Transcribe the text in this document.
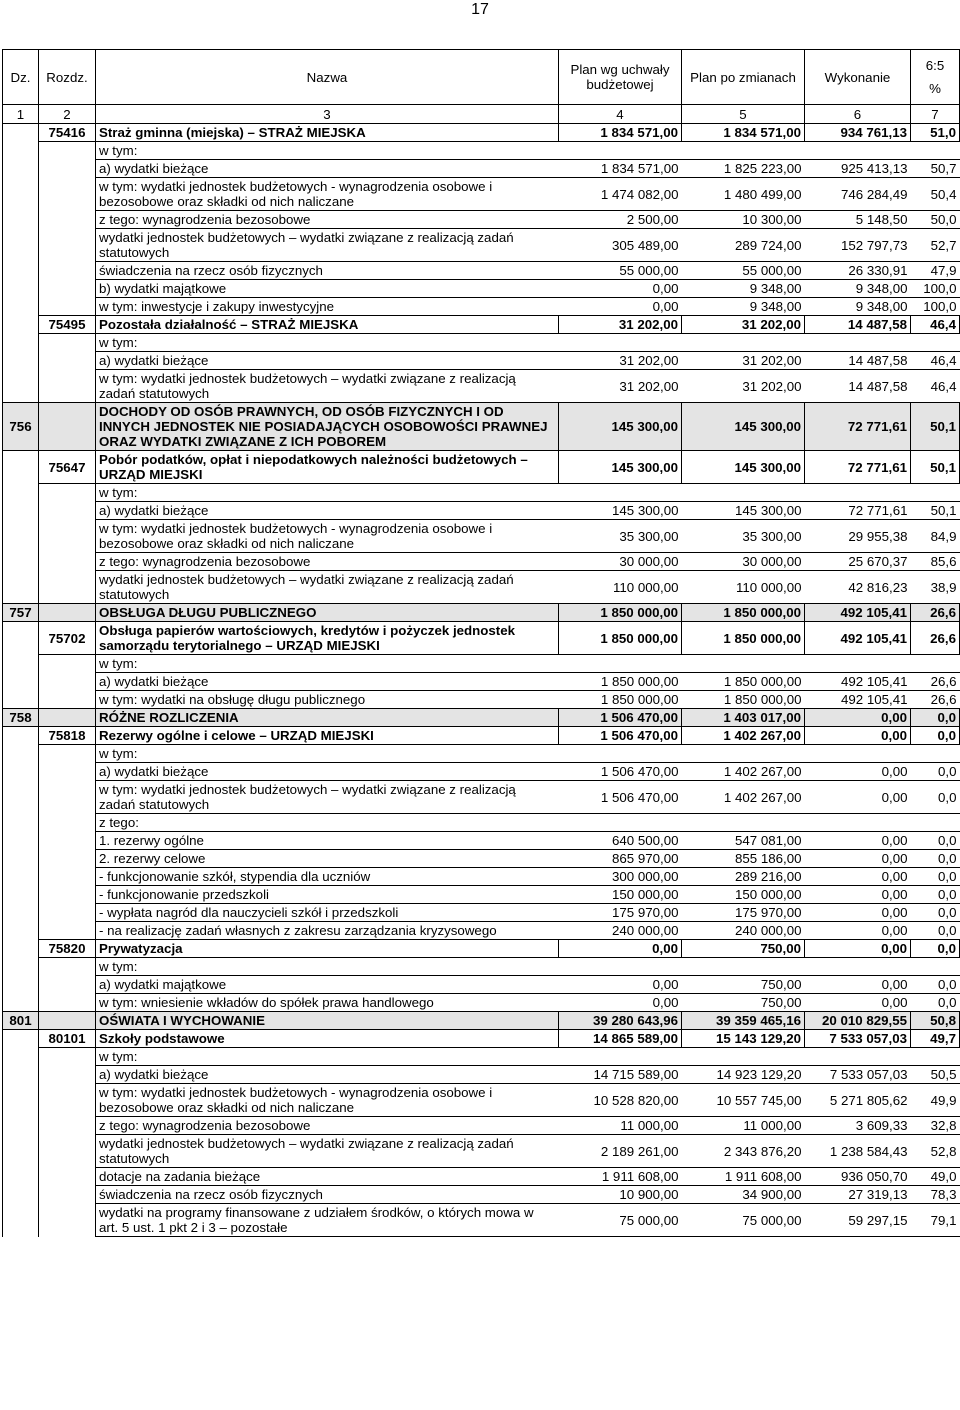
17
Dz.	Rozdz.	Nazwa	Plan wg uchwały budżetowej	Plan po zmianach	Wykonanie	6:5
%

1	2	3	4	5	6	7
	75416	Straż gminna (miejska) – STRAŻ MIEJSKA	1 834 571,00	1 834 571,00	934 761,13	51,0
		w tym:				
		a) wydatki bieżące	1 834 571,00	1 825 223,00	925 413,13	50,7
		w tym: wydatki jednostek budżetowych - wynagrodzenia osobowe i bezosobowe oraz składki od nich naliczane	1 474 082,00	1 480 499,00	746 284,49	50,4
		z tego: wynagrodzenia bezosobowe	2 500,00	10 300,00	5 148,50	50,0
		wydatki jednostek budżetowych – wydatki związane z realizacją zadań statutowych	305 489,00	289 724,00	152 797,73	52,7
		świadczenia na rzecz osób fizycznych	55 000,00	55 000,00	26 330,91	47,9
		b) wydatki majątkowe	0,00	9 348,00	9 348,00	100,0
		w tym: inwestycje i zakupy inwestycyjne	0,00	9 348,00	9 348,00	100,0
	75495	Pozostała działalność – STRAŻ MIEJSKA	31 202,00	31 202,00	14 487,58	46,4
		w tym:				
		a) wydatki bieżące	31 202,00	31 202,00	14 487,58	46,4
		w tym: wydatki jednostek budżetowych – wydatki związane z realizacją zadań statutowych	31 202,00	31 202,00	14 487,58	46,4
756		DOCHODY OD OSÓB PRAWNYCH, OD OSÓB FIZYCZNYCH I OD INNYCH JEDNOSTEK NIE POSIADAJĄCYCH OSOBOWOŚCI PRAWNEJ ORAZ WYDATKI ZWIĄZANE Z ICH POBOREM	145 300,00	145 300,00	72 771,61	50,1
	75647	Pobór podatków, opłat i niepodatkowych należności budżetowych – URZĄD MIEJSKI	145 300,00	145 300,00	72 771,61	50,1
		w tym:				
		a) wydatki bieżące	145 300,00	145 300,00	72 771,61	50,1
		w tym: wydatki jednostek budżetowych - wynagrodzenia osobowe i bezosobowe oraz składki od nich naliczane	35 300,00	35 300,00	29 955,38	84,9
		z tego: wynagrodzenia bezosobowe	30 000,00	30 000,00	25 670,37	85,6
		wydatki jednostek budżetowych – wydatki związane z realizacją zadań statutowych	110 000,00	110 000,00	42 816,23	38,9
757		OBSŁUGA DŁUGU PUBLICZNEGO	1 850 000,00	1 850 000,00	492 105,41	26,6
	75702	Obsługa papierów wartościowych, kredytów i pożyczek jednostek samorządu terytorialnego – URZĄD MIEJSKI	1 850 000,00	1 850 000,00	492 105,41	26,6
		w tym:				
		a) wydatki bieżące	1 850 000,00	1 850 000,00	492 105,41	26,6
		w tym: wydatki na obsługę długu publicznego	1 850 000,00	1 850 000,00	492 105,41	26,6
758		RÓŻNE ROZLICZENIA	1 506 470,00	1 403 017,00	0,00	0,0
	75818	Rezerwy ogólne i celowe – URZĄD MIEJSKI	1 506 470,00	1 402 267,00	0,00	0,0
		w tym:				
		a) wydatki bieżące	1 506 470,00	1 402 267,00	0,00	0,0
		w tym: wydatki jednostek budżetowych – wydatki związane z realizacją zadań statutowych	1 506 470,00	1 402 267,00	0,00	0,0
		z tego:				
		1. rezerwy ogólne	640 500,00	547 081,00	0,00	0,0
		2. rezerwy celowe	865 970,00	855 186,00	0,00	0,0
		- funkcjonowanie szkół, stypendia dla uczniów	300 000,00	289 216,00	0,00	0,0
		- funkcjonowanie przedszkoli	150 000,00	150 000,00	0,00	0,0
		- wypłata nagród dla nauczycieli szkół i przedszkoli	175 970,00	175 970,00	0,00	0,0
		- na realizację zadań własnych z zakresu zarządzania kryzysowego	240 000,00	240 000,00	0,00	0,0
	75820	Prywatyzacja	0,00	750,00	0,00	0,0
		w tym:				
		a) wydatki majątkowe	0,00	750,00	0,00	0,0
		w tym: wniesienie wkładów do spółek prawa handlowego	0,00	750,00	0,00	0,0
801		OŚWIATA I WYCHOWANIE	39 280 643,96	39 359 465,16	20 010 829,55	50,8
	80101	Szkoły podstawowe	14 865 589,00	15 143 129,20	7 533 057,03	49,7
		w tym:				
		a) wydatki bieżące	14 715 589,00	14 923 129,20	7 533 057,03	50,5
		w tym: wydatki jednostek budżetowych - wynagrodzenia osobowe i bezosobowe oraz składki od nich naliczane	10 528 820,00	10 557 745,00	5 271 805,62	49,9
		z tego: wynagrodzenia bezosobowe	11 000,00	11 000,00	3 609,33	32,8
		wydatki jednostek budżetowych – wydatki związane z realizacją zadań statutowych	2 189 261,00	2 343 876,20	1 238 584,43	52,8
		dotacje na zadania bieżące	1 911 608,00	1 911 608,00	936 050,70	49,0
		świadczenia na rzecz osób fizycznych	10 900,00	34 900,00	27 319,13	78,3
		wydatki na programy finansowane z udziałem środków, o których mowa w art. 5 ust. 1 pkt 2 i 3 – pozostałe	75 000,00	75 000,00	59 297,15	79,1
